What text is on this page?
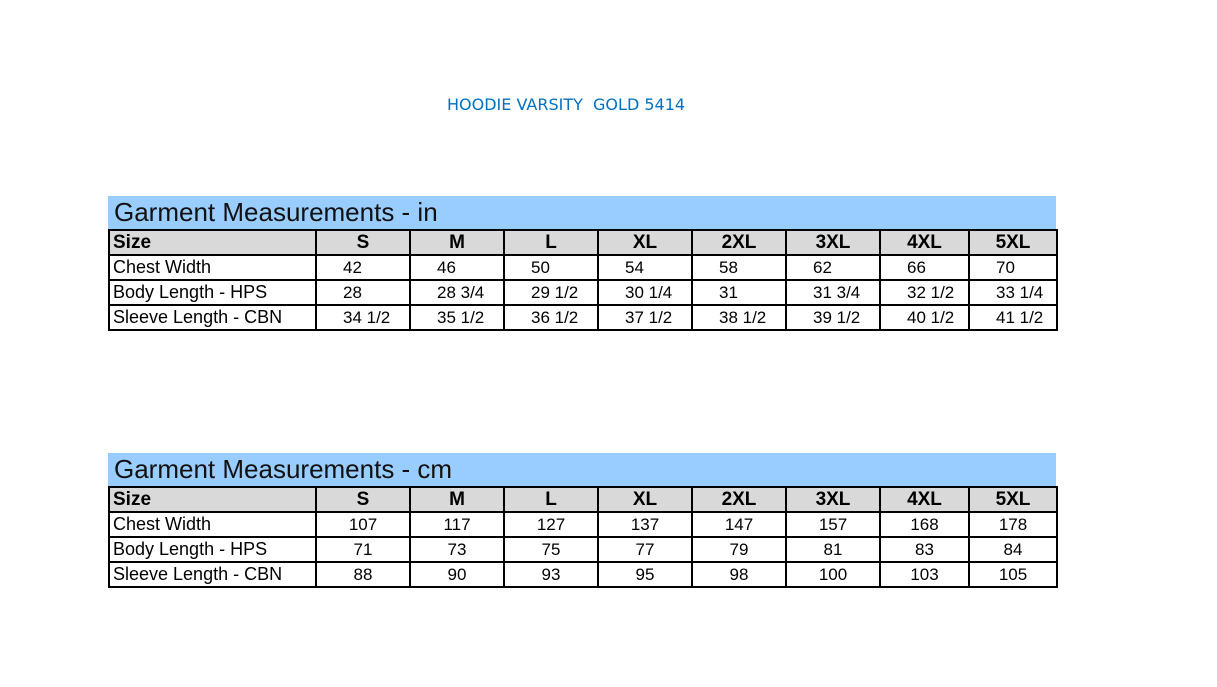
HOODIE VARSITY  GOLD 5414
Garment Measurements - in
Size	S	M	L	XL	2XL	3XL	4XL	5XL
Chest Width	42	46	50	54	58	62	66	70
Body Length - HPS	28	28 3/4	29 1/2	30 1/4	31	31 3/4	32 1/2	33 1/4
Sleeve Length - CBN	34 1/2	35 1/2	36 1/2	37 1/2	38 1/2	39 1/2	40 1/2	41 1/2
Garment Measurements - cm
Size	S	M	L	XL	2XL	3XL	4XL	5XL
Chest Width	107	117	127	137	147	157	168	178
Body Length - HPS	71	73	75	77	79	81	83	84
Sleeve Length - CBN	88	90	93	95	98	100	103	105
